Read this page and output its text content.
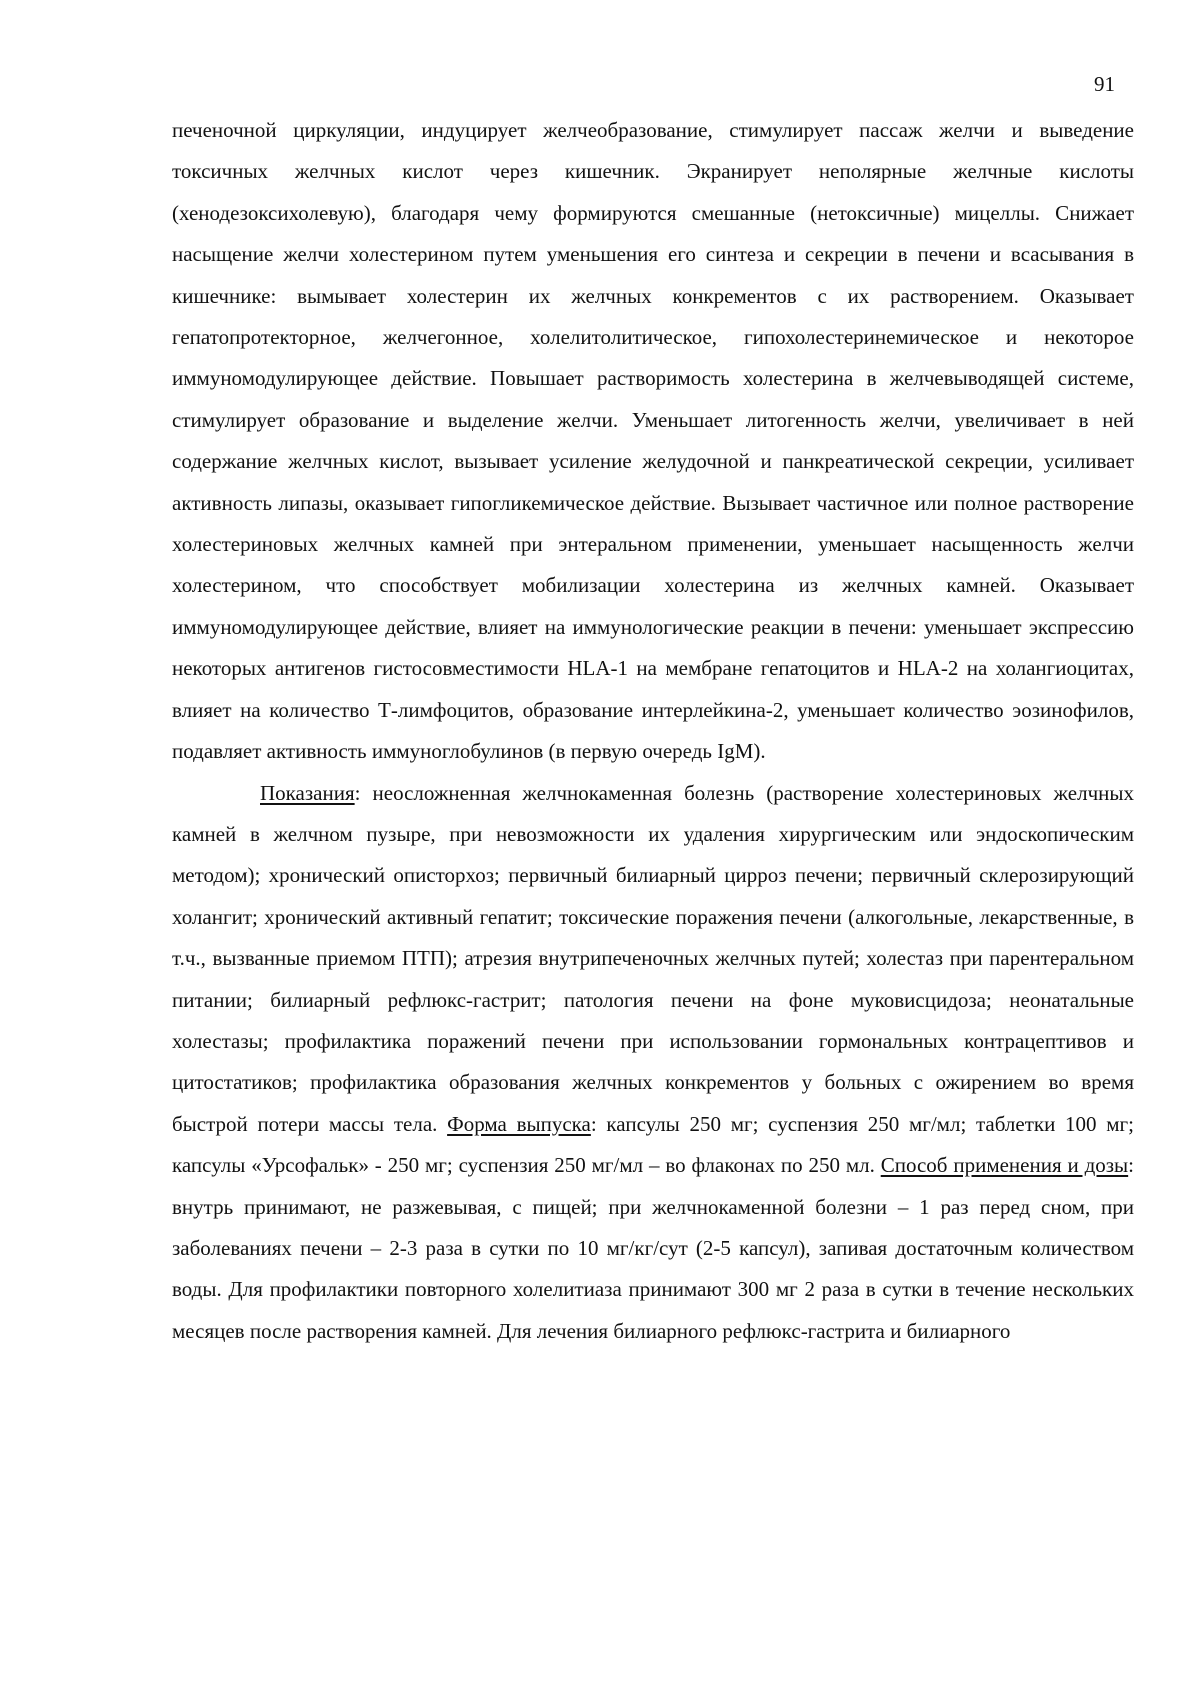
91

печеночной циркуляции, индуцирует желчеобразование, стимулирует пассаж желчи и выведение токсичных желчных кислот через кишечник. Экранирует неполярные желчные кислоты (хенодезоксихолевую), благодаря чему формируются смешанные (нетоксичные) мицеллы. Снижает насыщение желчи холестерином путем уменьшения его синтеза и секреции в печени и всасывания в кишечнике: вымывает холестерин их желчных конкрементов с их растворением. Оказывает гепатопротекторное, желчегонное, холелитолитическое, гипохолестеринемическое и некоторое иммуномодулирующее действие. Повышает растворимость холестерина в желчевыводящей системе, стимулирует образование и выделение желчи. Уменьшает литогенность желчи, увеличивает в ней содержание желчных кислот, вызывает усиление желудочной и панкреатической секреции, усиливает активность липазы, оказывает гипогликемическое действие. Вызывает частичное или полное растворение холестериновых желчных камней при энтеральном применении, уменьшает насыщенность желчи холестерином, что способствует мобилизации холестерина из желчных камней. Оказывает иммуномодулирующее действие, влияет на иммунологические реакции в печени: уменьшает экспрессию некоторых антигенов гистосовместимости HLA-1 на мембране гепатоцитов и HLA-2 на холангиоцитах, влияет на количество Т-лимфоцитов, образование интерлейкина-2, уменьшает количество эозинофилов, подавляет активность иммуноглобулинов (в первую очередь IgM).

Показания: неосложненная желчнокаменная болезнь (растворение холестериновых желчных камней в желчном пузыре, при невозможности их удаления хирургическим или эндоскопическим методом); хронический описторхоз; первичный билиарный цирроз печени; первичный склерозирующий холангит; хронический активный гепатит; токсические поражения печени (алкогольные, лекарственные, в т.ч., вызванные приемом ПТП); атрезия внутрипеченочных желчных путей; холестаз при парентеральном питании; билиарный рефлюкс-гастрит; патология печени на фоне муковисцидоза; неонатальные холестазы; профилактика поражений печени при использовании гормональных контрацептивов и цитостатиков; профилактика образования желчных конкрементов у больных с ожирением во время быстрой потери массы тела. Форма выпуска: капсулы 250 мг; суспензия 250 мг/мл; таблетки 100 мг; капсулы «Урсофальк» - 250 мг; суспензия 250 мг/мл – во флаконах по 250 мл. Способ применения и дозы: внутрь принимают, не разжевывая, с пищей; при желчнокаменной болезни – 1 раз перед сном, при заболеваниях печени – 2-3 раза в сутки по 10 мг/кг/сут (2-5 капсул), запивая достаточным количеством воды. Для профилактики повторного холелитиаза принимают 300 мг 2 раза в сутки в течение нескольких месяцев после растворения камней. Для лечения билиарного рефлюкс-гастрита и билиарного
